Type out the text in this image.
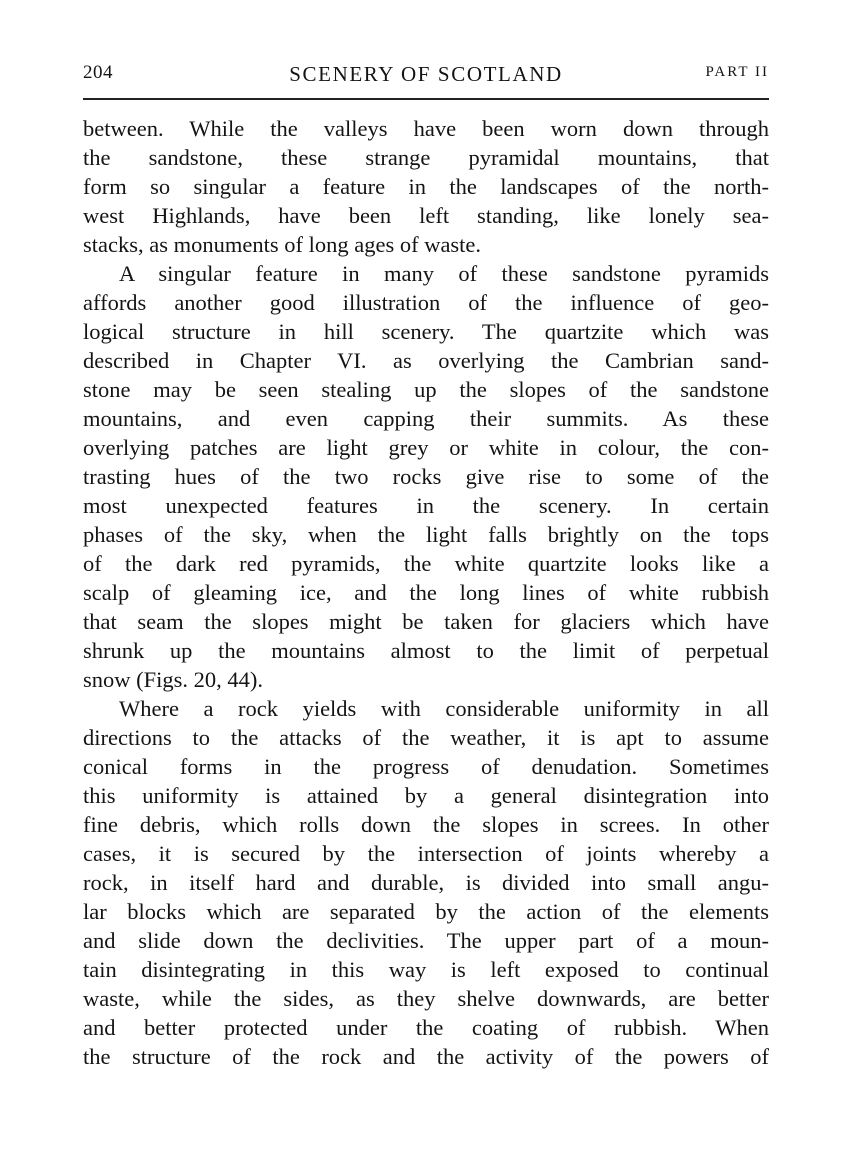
204	SCENERY OF SCOTLAND	PART II
between. While the valleys have been worn down through
the sandstone, these strange pyramidal mountains, that
form so singular a feature in the landscapes of the north-
west Highlands, have been left standing, like lonely sea-
stacks, as monuments of long ages of waste.
A singular feature in many of these sandstone pyramids
affords another good illustration of the influence of geo-
logical structure in hill scenery. The quartzite which was
described in Chapter VI. as overlying the Cambrian sand-
stone may be seen stealing up the slopes of the sandstone
mountains, and even capping their summits. As these
overlying patches are light grey or white in colour, the con-
trasting hues of the two rocks give rise to some of the
most unexpected features in the scenery. In certain
phases of the sky, when the light falls brightly on the tops
of the dark red pyramids, the white quartzite looks like a
scalp of gleaming ice, and the long lines of white rubbish
that seam the slopes might be taken for glaciers which have
shrunk up the mountains almost to the limit of perpetual
snow (Figs. 20, 44).
Where a rock yields with considerable uniformity in all
directions to the attacks of the weather, it is apt to assume
conical forms in the progress of denudation. Sometimes
this uniformity is attained by a general disintegration into
fine debris, which rolls down the slopes in screes. In other
cases, it is secured by the intersection of joints whereby a
rock, in itself hard and durable, is divided into small angu-
lar blocks which are separated by the action of the elements
and slide down the declivities. The upper part of a moun-
tain disintegrating in this way is left exposed to continual
waste, while the sides, as they shelve downwards, are better
and better protected under the coating of rubbish. When
the structure of the rock and the activity of the powers of
